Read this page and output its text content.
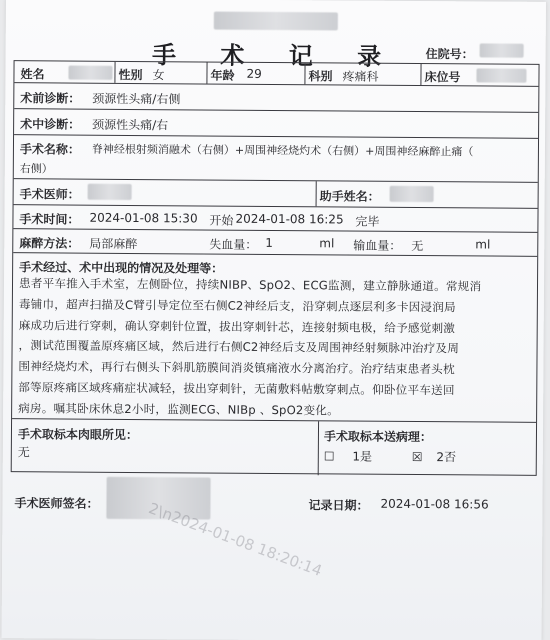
手 术 记 录	住院号：
姓名	性别 女	年龄 29	科别 疼痛科	床位号
术前诊断： 颈源性头痛/右侧
术中诊断： 颈源性头痛/右
手术名称： 脊神经根射频消融术（右侧）+周围神经烧灼术（右侧）+周围神经麻醉止痛（
右侧）
手术医师：	助手姓名：
手术时间： 2024-01-08 15:30 开始 2024-01-08 16:25 完毕
麻醉方法： 局部麻醉	失血量： 1	ml 输血量： 无	ml
手术经过、术中出现的情况及处理等：
患者平车推入手术室，左侧卧位，持续NIBP、SpO2、ECG监测，建立静脉通道。常规消
毒铺巾，超声扫描及C臂引导定位至右侧C2神经后支，沿穿刺点逐层利多卡因浸润局
麻成功后进行穿刺，确认穿刺针位置，拔出穿刺针芯，连接射频电极，给予感觉刺激
，测试范围覆盖原疼痛区域，然后进行右侧C2神经后支及周围神经射频脉冲治疗及周
围神经烧灼术，再行右侧头下斜肌筋膜间消炎镇痛液水分离治疗。治疗结束患者头枕
部等原疼痛区域疼痛症状减轻，拔出穿刺针，无菌敷料帖敷穿刺点。仰卧位平车送回
病房。嘱其卧床休息2小时，监测ECG、NIBp 、SpO2变化。
手术取标本肉眼所见：
无
手术取标本送病理：
☐ 1是	☒ 2否
手术医师签名：	记录日期： 2024-01-08 16:56
2\n2024-01-08 18:20:14
